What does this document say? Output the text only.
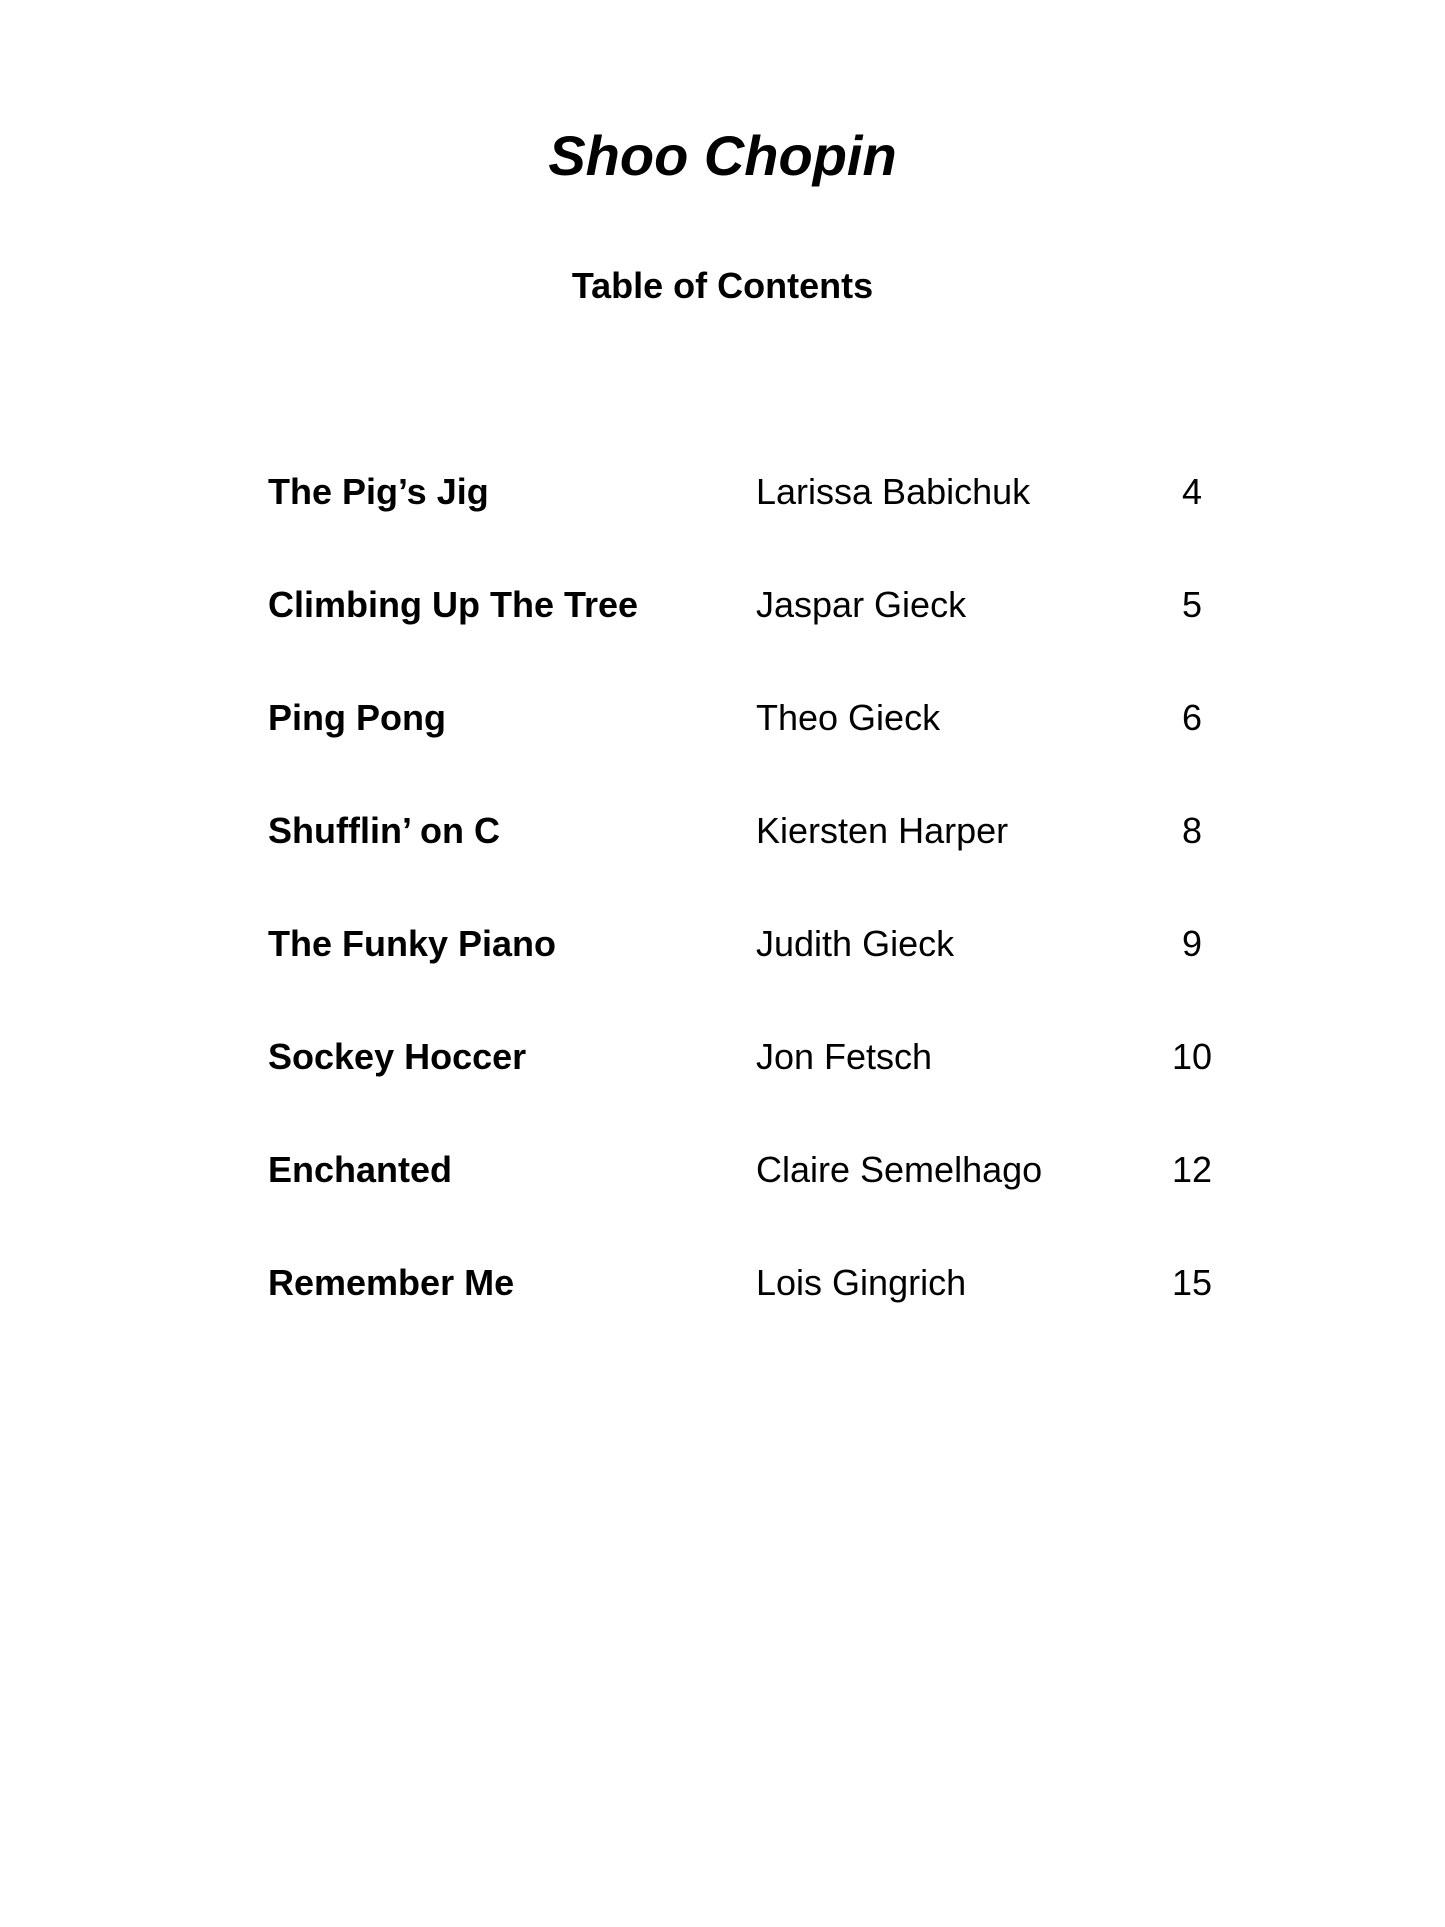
Shoo Chopin
Table of Contents
The Pig’s Jig	Larissa Babichuk	4
Climbing Up The Tree	Jaspar Gieck	5
Ping Pong	Theo Gieck	6
Shufflin’ on C	Kiersten Harper	8
The Funky Piano	Judith Gieck	9
Sockey Hoccer	Jon Fetsch	10
Enchanted	Claire Semelhago	12
Remember Me	Lois Gingrich	15
